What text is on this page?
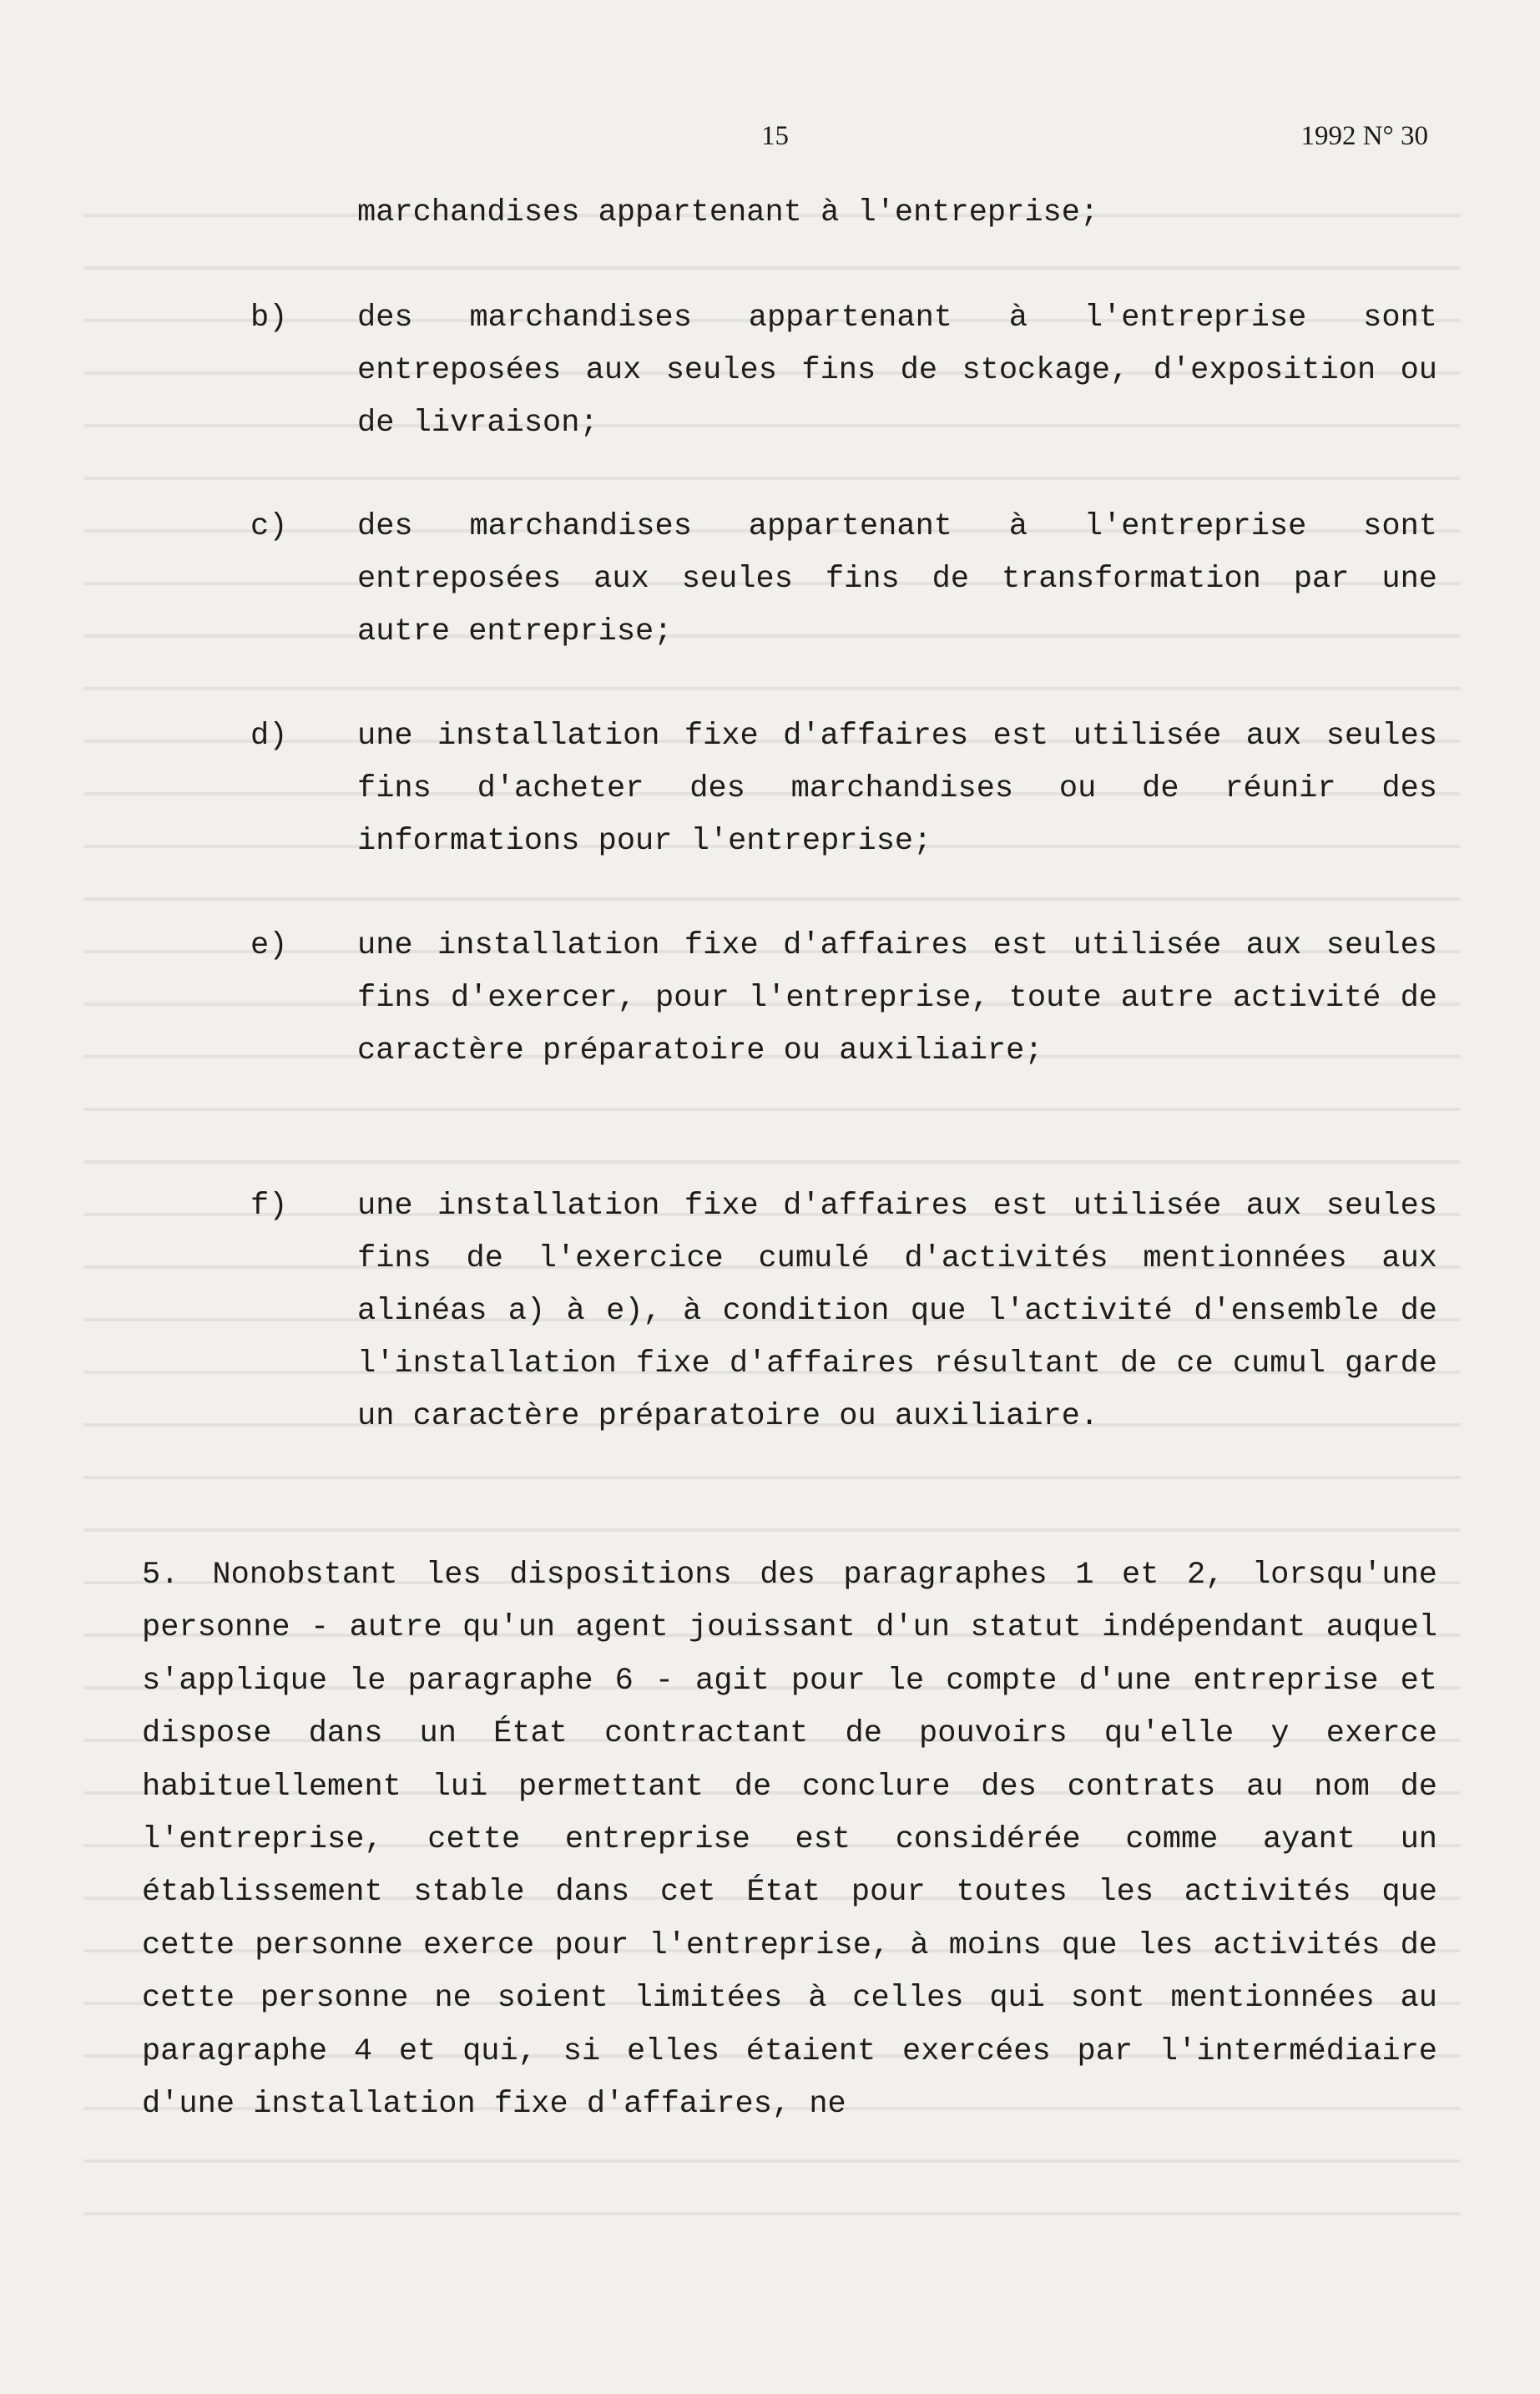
15	1992 N° 30
marchandises appartenant à l'entreprise;
b) des marchandises appartenant à l'entreprise sont entreposées aux seules fins de stockage, d'exposition ou de livraison;
c) des marchandises appartenant à l'entreprise sont entreposées aux seules fins de transformation par une autre entreprise;
d) une installation fixe d'affaires est utilisée aux seules fins d'acheter des marchandises ou de réunir des informations pour l'entreprise;
e) une installation fixe d'affaires est utilisée aux seules fins d'exercer, pour l'entreprise, toute autre activité de caractère préparatoire ou auxiliaire;
f) une installation fixe d'affaires est utilisée aux seules fins de l'exercice cumulé d'activités mentionnées aux alinéas a) à e), à condition que l'activité d'ensemble de l'installation fixe d'affaires résultant de ce cumul garde un caractère préparatoire ou auxiliaire.
5. Nonobstant les dispositions des paragraphes 1 et 2, lorsqu'une personne - autre qu'un agent jouissant d'un statut indépendant auquel s'applique le paragraphe 6 - agit pour le compte d'une entreprise et dispose dans un État contractant de pouvoirs qu'elle y exerce habituellement lui permettant de conclure des contrats au nom de l'entreprise, cette entreprise est considérée comme ayant un établissement stable dans cet État pour toutes les activités que cette personne exerce pour l'entreprise, à moins que les activités de cette personne ne soient limitées à celles qui sont mentionnées au paragraphe 4 et qui, si elles étaient exercées par l'intermédiaire d'une installation fixe d'affaires, ne
